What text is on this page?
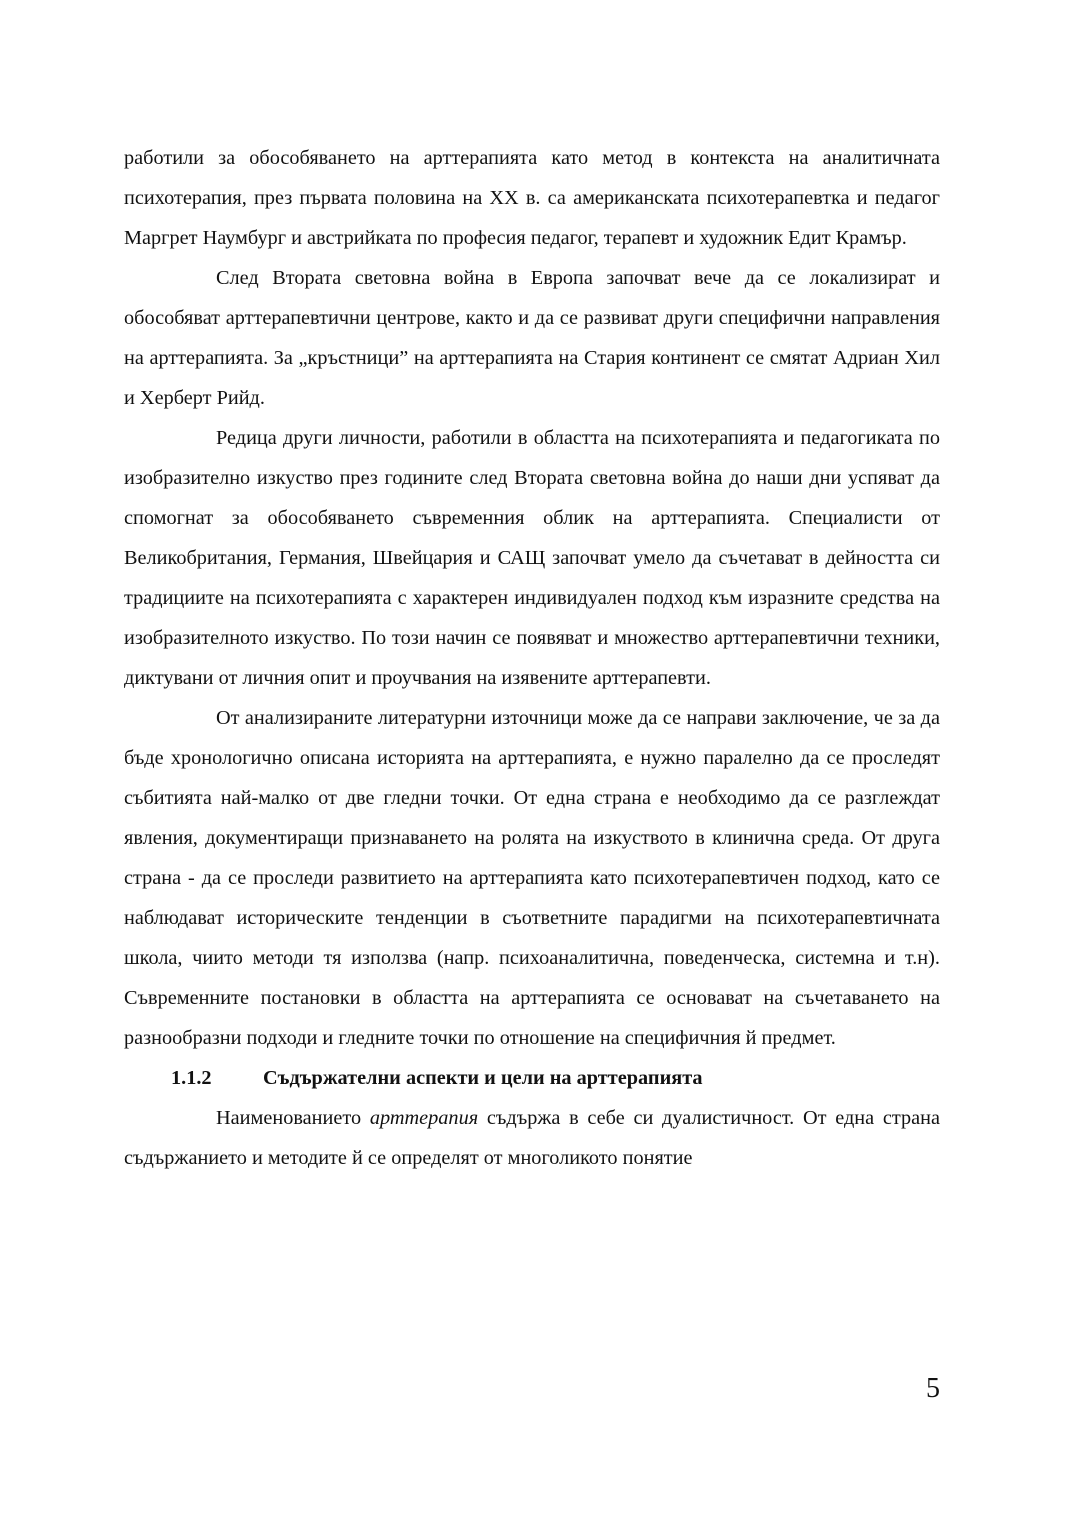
работили за обособяването на арттерапията като метод в контекста на аналитичната психотерапия, през първата половина на XX в. са американската психотерапевтка и педагог Маргрет Наумбург и австрийката по професия педагог, терапевт и художник Едит Крамър.

След Втората световна война в Европа започват вече да се локализират и обособяват арттерапевтични центрове, както и да се развиват други специфични направления на арттерапията. За „кръстници” на арттерапията на Стария континент се смятат Адриан Хил и Херберт Рийд.

Редица други личности, работили в областта на психотерапията и педагогиката по изобразително изкуство през годините след Втората световна война до наши дни успяват да спомогнат за обособяването съвременния облик на арттерапията. Специалисти от Великобритания, Германия, Швейцария и САЩ започват умело да съчетават в дейността си традициите на психотерапията с характерен индивидуален подход към изразните средства на изобразителното изкуство. По този начин се появяват и множество арттерапевтични техники, диктувани от личния опит и проучвания на изявените арттерапевти.

От анализираните литературни източници може да се направи заключение, че за да бъде хронологично описана историята на арттерапията, е нужно паралелно да се проследят събитията най-малко от две гледни точки. От една страна е необходимо да се разглеждат явления, документиращи признаването на ролята на изкуството в клинична среда. От друга страна - да се проследи развитието на арттерапията като психотерапевтичен подход, като се наблюдават историческите тенденции в съответните парадигми на психотерапевтичната школа, чиито методи тя използва (напр. психоаналитична, поведенческа, системна и т.н). Съвременните постановки в областта на арттерапията се основават на съчетаването на разнообразни подходи и гледните точки по отношение на специфичния й предмет.

1.1.2	Съдържателни аспекти и цели на арттерапията

Наименованието арттерапия съдържа в себе си дуалистичност. От една страна съдържанието и методите й се определят от многоликото понятие

5
